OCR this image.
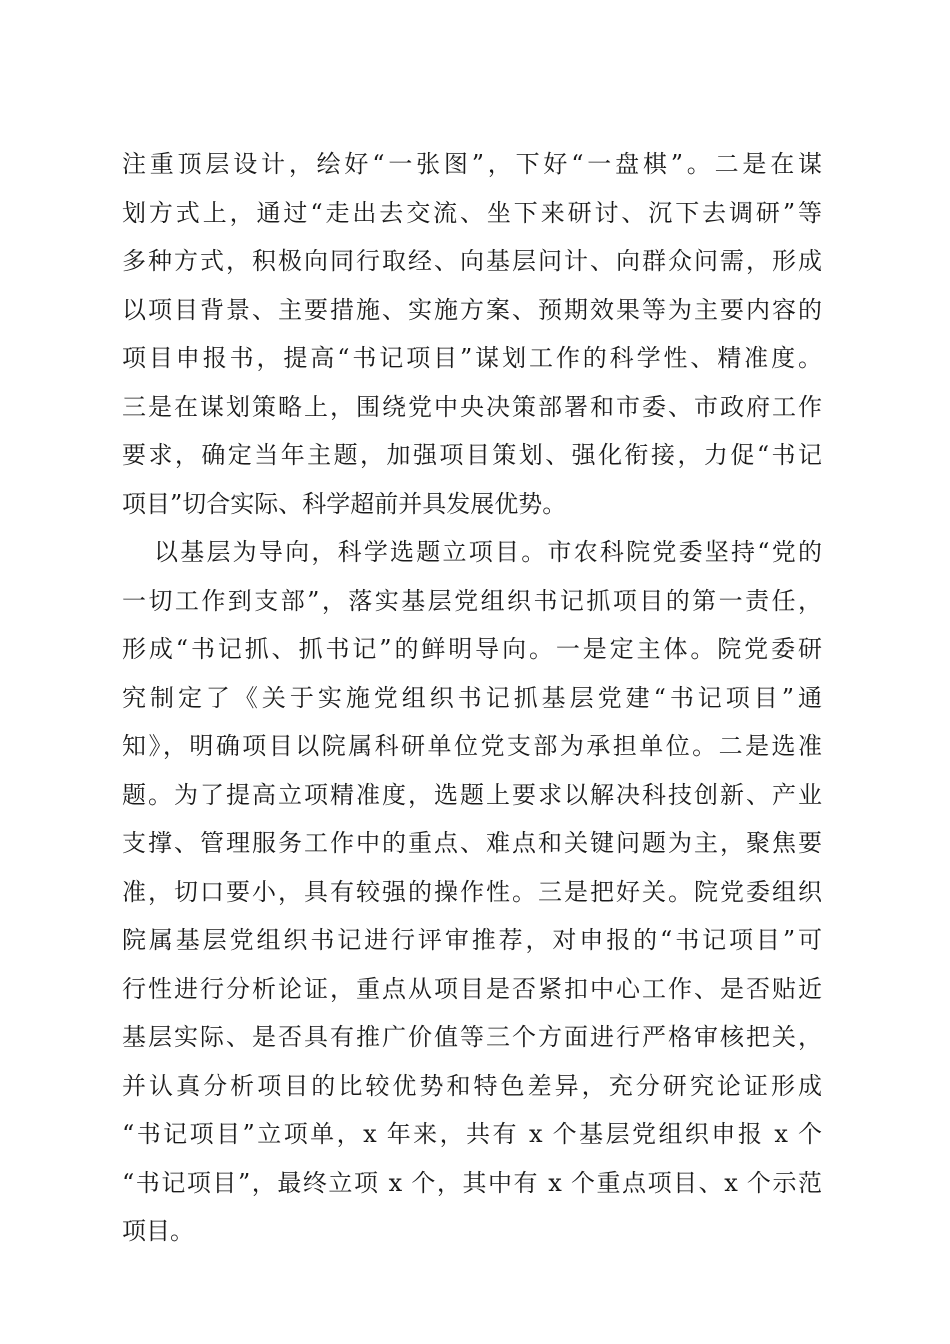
注重顶层设计，绘好“一张图”，下好“一盘棋”。二是在谋
划方式上，通过“走出去交流、坐下来研讨、沉下去调研”等
多种方式，积极向同行取经、向基层问计、向群众问需，形成
以项目背景、主要措施、实施方案、预期效果等为主要内容的
项目申报书，提高“书记项目”谋划工作的科学性、精准度。
三是在谋划策略上，围绕党中央决策部署和市委、市政府工作
要求，确定当年主题，加强项目策划、强化衔接，力促“书记
项目”切合实际、科学超前并具发展优势。
以基层为导向，科学选题立项目。市农科院党委坚持“党的
一切工作到支部”，落实基层党组织书记抓项目的第一责任，
形成“书记抓、抓书记”的鲜明导向。一是定主体。院党委研
究制定了《关于实施党组织书记抓基层党建“书记项目”通
知》，明确项目以院属科研单位党支部为承担单位。二是选准
题。为了提高立项精准度，选题上要求以解决科技创新、产业
支撑、管理服务工作中的重点、难点和关键问题为主，聚焦要
准，切口要小，具有较强的操作性。三是把好关。院党委组织
院属基层党组织书记进行评审推荐，对申报的“书记项目”可
行性进行分析论证，重点从项目是否紧扣中心工作、是否贴近
基层实际、是否具有推广价值等三个方面进行严格审核把关，
并认真分析项目的比较优势和特色差异，充分研究论证形成
“书记项目”立项单，x 年来，共有 x 个基层党组织申报 x 个
“书记项目”，最终立项 x 个，其中有 x 个重点项目、x 个示范
项目。
